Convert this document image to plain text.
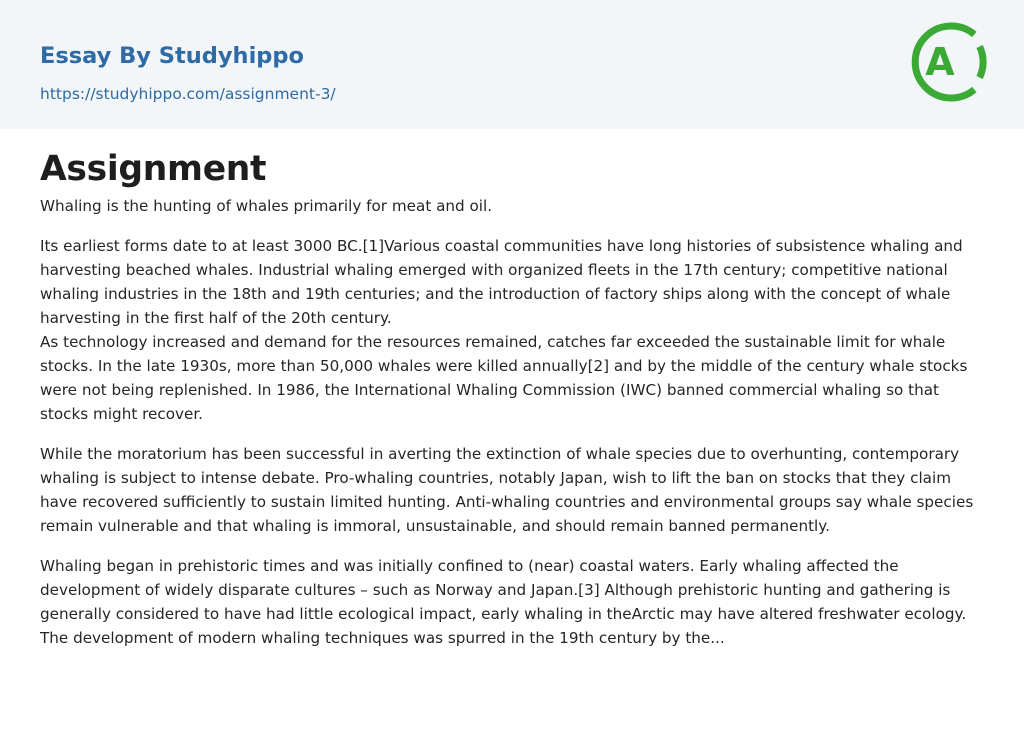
Essay By Studyhippo
https://studyhippo.com/assignment-3/
A
Assignment

Whaling is the hunting of whales primarily for meat and oil.

Its earliest forms date to at least 3000 BC.[1]Various coastal communities have long histories of subsistence whaling and harvesting beached whales. Industrial whaling emerged with organized fleets in the 17th century; competitive national whaling industries in the 18th and 19th centuries; and the introduction of factory ships along with the concept of whale harvesting in the first half of the 20th century.

As technology increased and demand for the resources remained, catches far exceeded the sustainable limit for whale stocks. In the late 1930s, more than 50,000 whales were killed annually[2] and by the middle of the century whale stocks were not being replenished. In 1986, the International Whaling Commission (IWC) banned commercial whaling so that stocks might recover.

While the moratorium has been successful in averting the extinction of whale species due to overhunting, contemporary whaling is subject to intense debate. Pro-whaling countries, notably Japan, wish to lift the ban on stocks that they claim have recovered sufficiently to sustain limited hunting. Anti-whaling countries and environmental groups say whale species remain vulnerable and that whaling is immoral, unsustainable, and should remain banned permanently.

Whaling began in prehistoric times and was initially confined to (near) coastal waters. Early whaling affected the development of widely disparate cultures – such as Norway and Japan.[3] Although prehistoric hunting and gathering is generally considered to have had little ecological impact, early whaling in theArctic may have altered freshwater ecology. The development of modern whaling techniques was spurred in the 19th century by the...
